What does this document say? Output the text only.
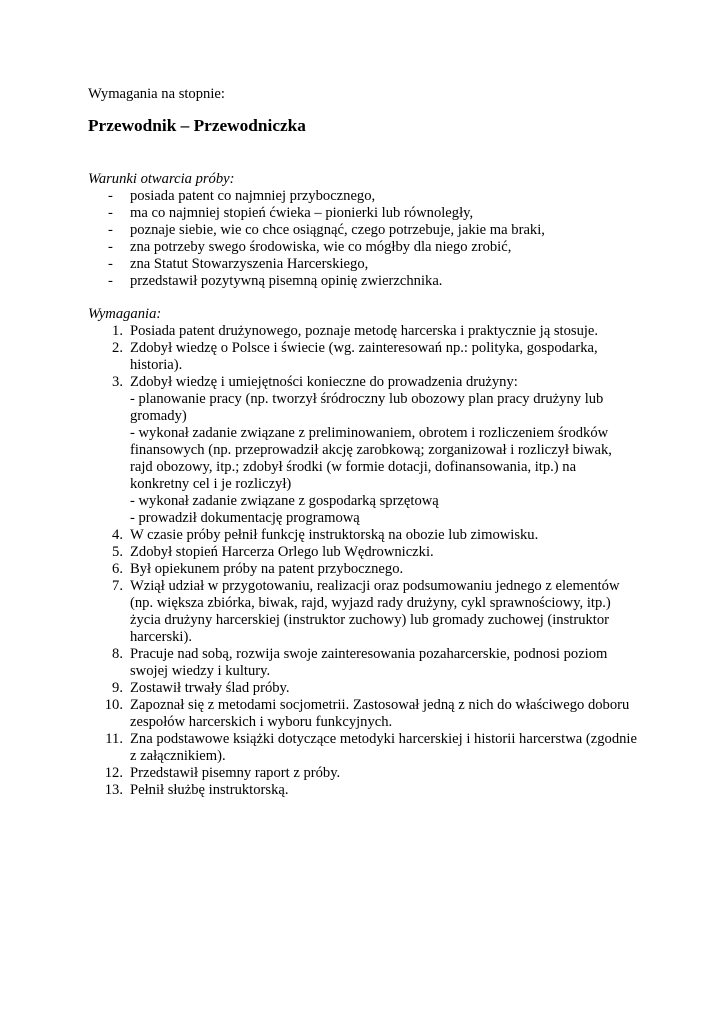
Wymagania na stopnie:

Przewodnik – Przewodniczka

Warunki otwarcia próby:

- posiada patent co najmniej przybocznego,
- ma co najmniej stopień ćwieka – pionierki lub równoległy,
- poznaje siebie, wie co chce osiągnąć, czego potrzebuje, jakie ma braki,
- zna potrzeby swego środowiska, wie co mógłby dla niego zrobić,
- zna Statut Stowarzyszenia Harcerskiego,
- przedstawił pozytywną pisemną opinię zwierzchnika.

Wymagania:

1. Posiada patent drużynowego, poznaje metodę harcerska i praktycznie ją stosuje.
2. Zdobył wiedzę o Polsce i świecie (wg. zainteresowań np.: polityka, gospodarka,
historia).
3. Zdobył wiedzę i umiejętności konieczne do prowadzenia drużyny:
- planowanie pracy (np. tworzył śródroczny lub obozowy plan pracy drużyny lub
gromady)
- wykonał zadanie związane z preliminowaniem, obrotem i rozliczeniem środków
finansowych (np. przeprowadził akcję zarobkową; zorganizował i rozliczył biwak,
rajd obozowy, itp.; zdobył środki (w formie dotacji, dofinansowania, itp.) na
konkretny cel i je rozliczył)
- wykonał zadanie związane z gospodarką sprzętową
- prowadził dokumentację programową
4. W czasie próby pełnił funkcję instruktorską na obozie lub zimowisku.
5. Zdobył stopień Harcerza Orlego lub Wędrowniczki.
6. Był opiekunem próby na patent przybocznego.
7. Wziął udział w przygotowaniu, realizacji oraz podsumowaniu jednego z elementów
(np. większa zbiórka, biwak, rajd, wyjazd rady drużyny, cykl sprawnościowy, itp.)
życia drużyny harcerskiej (instruktor zuchowy) lub gromady zuchowej (instruktor
harcerski).
8. Pracuje nad sobą, rozwija swoje zainteresowania pozaharcerskie, podnosi poziom
swojej wiedzy i kultury.
9. Zostawił trwały ślad próby.
10. Zapoznał się z metodami socjometrii. Zastosował jedną z nich do właściwego doboru
zespołów harcerskich i wyboru funkcyjnych.
11. Zna podstawowe książki dotyczące metodyki harcerskiej i historii harcerstwa (zgodnie
z załącznikiem).
12. Przedstawił pisemny raport z próby.
13. Pełnił służbę instruktorską.
